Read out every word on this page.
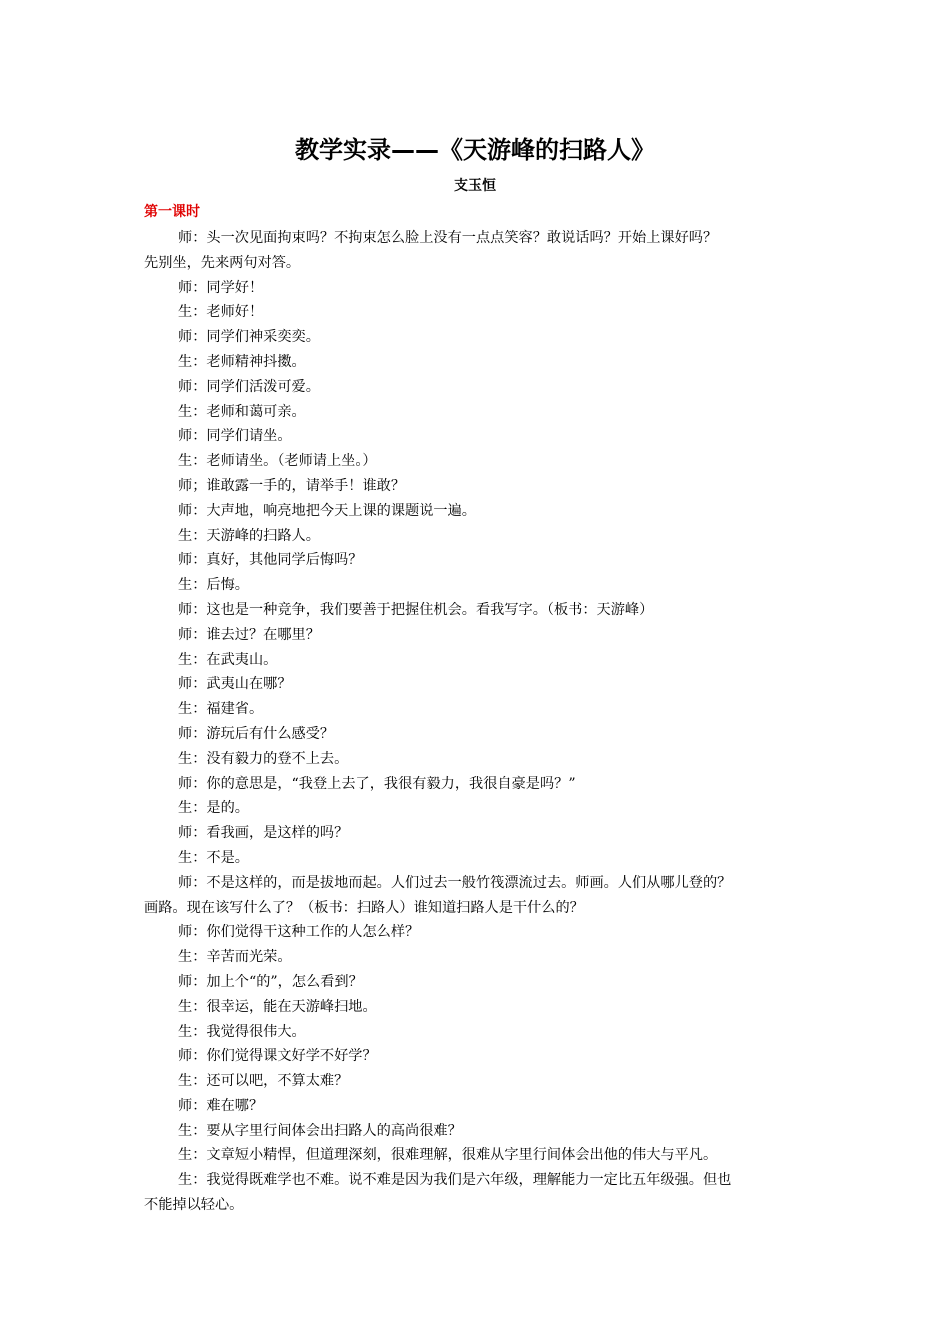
教学实录——《天游峰的扫路人》
支玉恒
第一课时

师：头一次见面拘束吗？不拘束怎么脸上没有一点点笑容？敢说话吗？开始上课好吗？
先别坐，先来两句对答。

师：同学好！

生：老师好！

师：同学们神采奕奕。

生：老师精神抖擞。

师：同学们活泼可爱。

生：老师和蔼可亲。

师：同学们请坐。

生：老师请坐。（老师请上坐。）

师；谁敢露一手的，请举手！谁敢？

师：大声地，响亮地把今天上课的课题说一遍。

生：天游峰的扫路人。

师：真好，其他同学后悔吗？

生：后悔。

师：这也是一种竞争，我们要善于把握住机会。看我写字。（板书：天游峰）

师：谁去过？在哪里？

生：在武夷山。

师：武夷山在哪？

生：福建省。

师：游玩后有什么感受？

生：没有毅力的登不上去。

师：你的意思是，“我登上去了，我很有毅力，我很自豪是吗？”

生：是的。

师：看我画，是这样的吗？

生：不是。

师：不是这样的，而是拔地而起。人们过去一般竹筏漂流过去。师画。人们从哪儿登的？
画路。现在该写什么了？（板书：扫路人）谁知道扫路人是干什么的？

师：你们觉得干这种工作的人怎么样？

生：辛苦而光荣。

师：加上个“的”，怎么看到？

生：很幸运，能在天游峰扫地。

生：我觉得很伟大。

师：你们觉得课文好学不好学？

生：还可以吧，不算太难？

师：难在哪？

生：要从字里行间体会出扫路人的高尚很难？

生：文章短小精悍，但道理深刻，很难理解，很难从字里行间体会出他的伟大与平凡。

生：我觉得既难学也不难。说不难是因为我们是六年级，理解能力一定比五年级强。但也
不能掉以轻心。
